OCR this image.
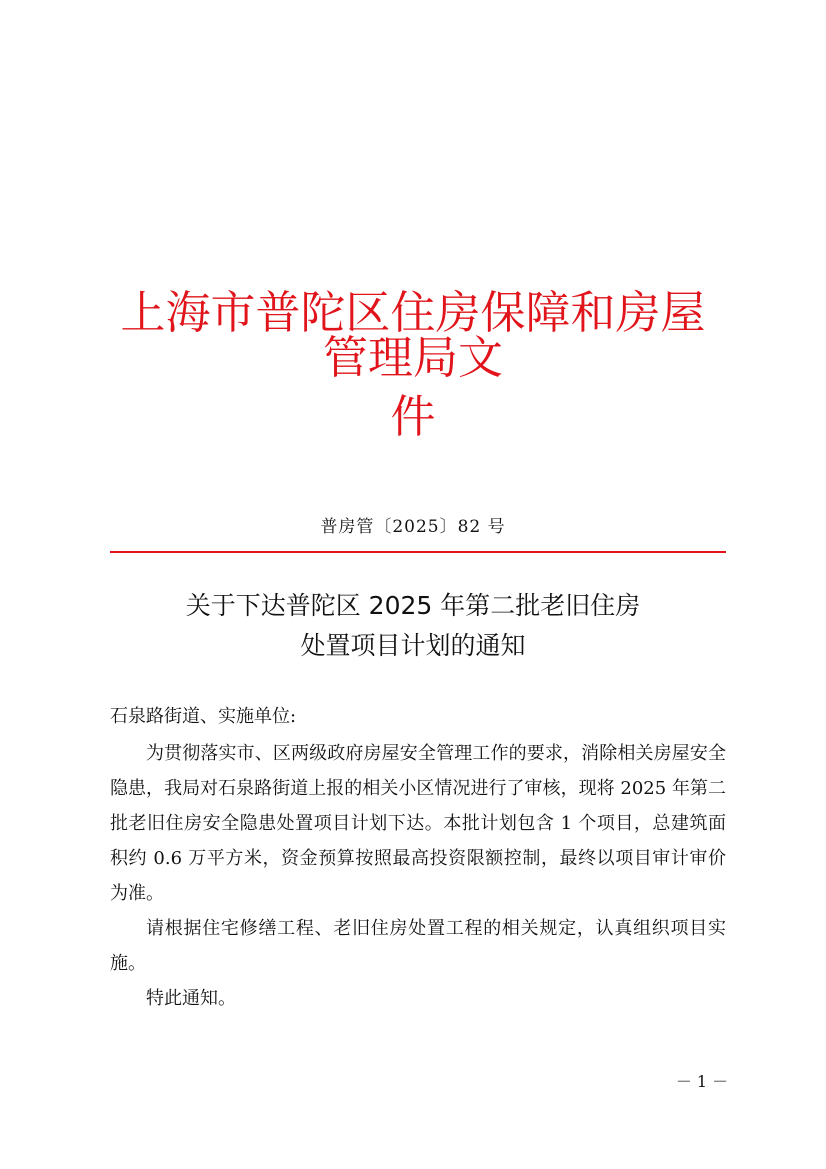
上海市普陀区住房保障和房屋管理局文
件
普房管〔2025〕82 号
关于下达普陀区 2025 年第二批老旧住房
处置项目计划的通知
石泉路街道、实施单位:

为贯彻落实市、区两级政府房屋安全管理工作的要求，消除相关房屋安全隐患，我局对石泉路街道上报的相关小区情况进行了审核，现将 2025 年第二批老旧住房安全隐患处置项目计划下达。本批计划包含 1 个项目，总建筑面积约 0.6 万平方米，资金预算按照最高投资限额控制，最终以项目审计审价为准。

请根据住宅修缮工程、老旧住房处置工程的相关规定，认真组织项目实施。

特此通知。

－ 1 －
